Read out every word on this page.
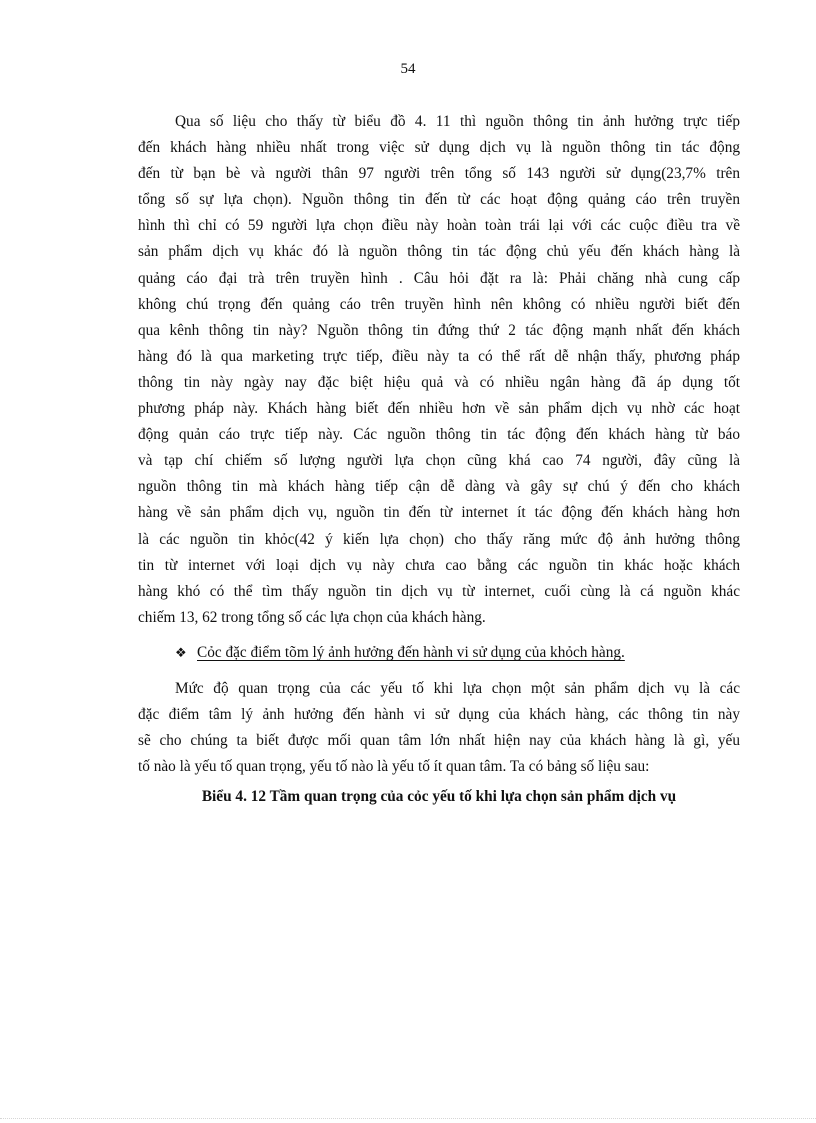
54
Qua số liệu cho thấy từ biểu đồ 4. 11 thì nguồn thông tin ảnh hưởng trực tiếp
đến khách hàng nhiều nhất trong việc sử dụng dịch vụ là nguồn thông tin tác động
đến từ bạn bè và người thân 97 người trên tổng số 143 người sử dụng(23,7% trên
tổng số sự lựa chọn). Nguồn thông tin đến từ các hoạt động quảng cáo trên truyền
hình thì chỉ có 59 người lựa chọn điều này hoàn toàn trái lại với các cuộc điều tra về
sản phẩm dịch vụ khác đó là nguồn thông tin tác động chủ yếu đến khách hàng là
quảng cáo đại trà trên truyền hình . Câu hỏi đặt ra là: Phải chăng nhà cung cấp
không chú trọng đến quảng cáo trên truyền hình nên không có nhiều người biết đến
qua kênh thông tin này? Nguồn thông tin đứng thứ 2 tác động mạnh nhất đến khách
hàng đó là qua marketing trực tiếp, điều này ta có thể rất dễ nhận thấy, phương pháp
thông tin này ngày nay đặc biệt hiệu quả và có nhiều ngân hàng đã áp dụng tốt
phương pháp này. Khách hàng biết đến nhiều hơn về sản phẩm dịch vụ nhờ các hoạt
động quản cáo trực tiếp này. Các nguồn thông tin tác động đến khách hàng từ báo
và tạp chí chiếm số lượng người lựa chọn cũng khá cao 74 người, đây cũng là
nguồn thông tin mà khách hàng tiếp cận dễ dàng và gây sự chú ý đến cho khách
hàng về sản phẩm dịch vụ, nguồn tin đến từ internet ít tác động đến khách hàng hơn
là các nguồn tin khỏc(42 ý kiến lựa chọn) cho thấy răng mức độ ảnh hưởng thông
tin từ internet với loại dịch vụ này chưa cao bằng các nguồn tin khác hoặc khách
hàng khó có thể tìm thấy nguồn tin dịch vụ từ internet, cuối cùng là cá nguồn khác
chiếm 13, 62 trong tổng số các lựa chọn của khách hàng.
❖ Cỏc đặc điểm tõm lý ảnh hưởng đến hành vi sử dụng của khỏch hàng.
Mức độ quan trọng của các yếu tố khi lựa chọn một sản phẩm dịch vụ là các
đặc điểm tâm lý ảnh hưởng đến hành vi sử dụng của khách hàng, các thông tin này
sẽ cho chúng ta biết được mối quan tâm lớn nhất hiện nay của khách hàng là gì, yếu
tố nào là yếu tố quan trọng, yếu tố nào là yếu tố ít quan tâm. Ta có bảng số liệu sau:
Biểu 4. 12 Tầm quan trọng của cỏc yếu tố khi lựa chọn sản phẩm dịch vụ
